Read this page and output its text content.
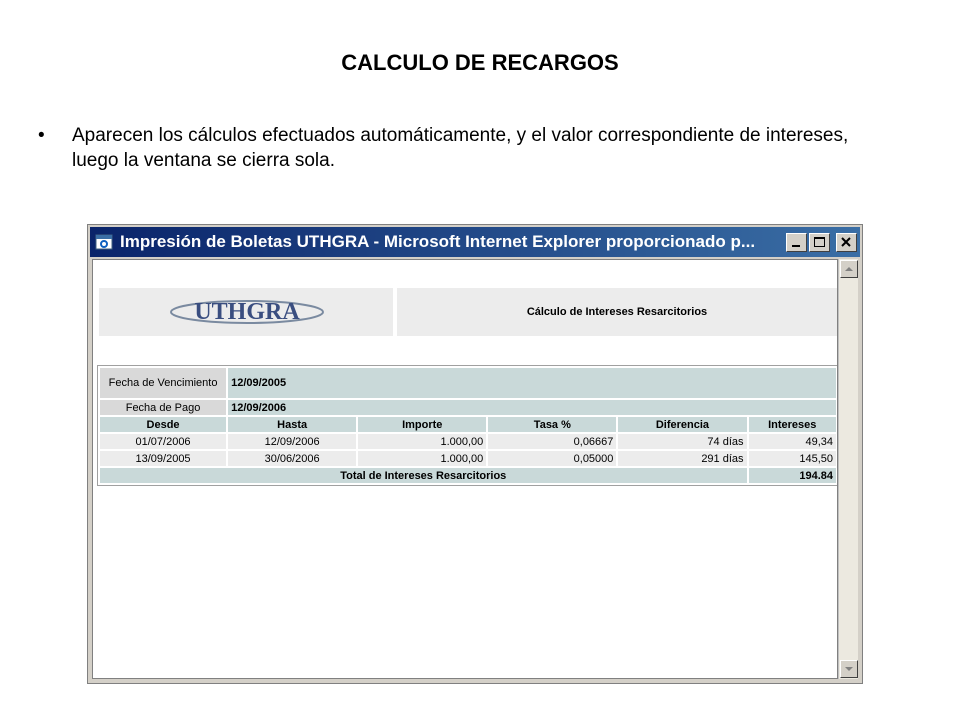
CALCULO DE RECARGOS
• Aparecen los cálculos efectuados automáticamente, y el valor correspondiente de intereses, luego la ventana se cierra sola.
Impresión de Boletas UTHGRA - Microsoft Internet Explorer proporcionado p...
UTHGRA	Cálculo de Intereses Resarcitorios
Fecha de Vencimiento	12/09/2005				
Fecha de Pago	12/09/2006				
Desde	Hasta	Importe	Tasa %	Diferencia	Intereses
01/07/2006	12/09/2006	1.000,00	0,06667	74 días	49,34
13/09/2005	30/06/2006	1.000,00	0,05000	291 días	145,50
Total de Intereses Resarcitorios					194.84
